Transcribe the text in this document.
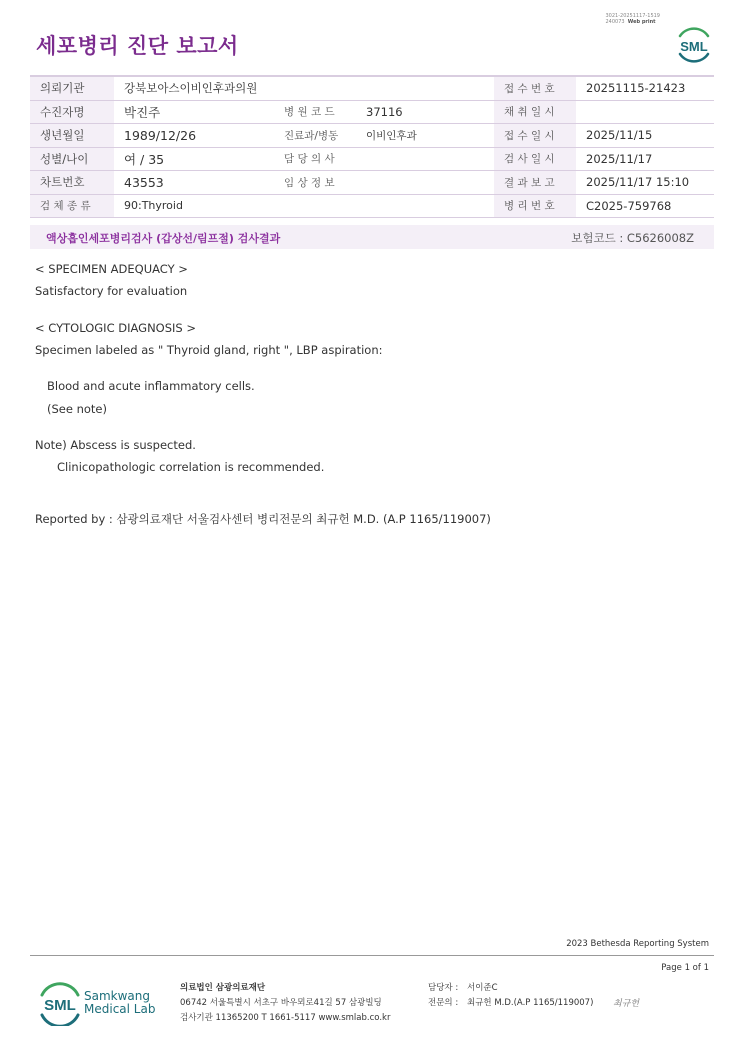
3021-20251117-1519
240073 Web print
세포병리 진단 보고서	SML
의뢰기관	강북보아스이비인후과의원			접 수 번 호	20251115-21423
수진자명	박진주	병 원 코 드	37116	채 취 일 시	
생년월일	1989/12/26	진료과/병동	이비인후과	접 수 일 시	2025/11/15
성별/나이	여 / 35	담 당 의 사		검 사 일 시	2025/11/17
차트번호	43553	임 상 정 보		결 과 보 고	2025/11/17 15:10
검 체 종 류	90:Thyroid			병 리 번 호	C2025-759768
액상흡인세포병리검사 (갑상선/림프절) 검사결과	보험코드 : C5626008Z
< SPECIMEN ADEQUACY >
Satisfactory for evaluation
< CYTOLOGIC DIAGNOSIS >
Specimen labeled as " Thyroid gland, right ", LBP aspiration:
Blood and acute inflammatory cells.
(See note)
Note) Abscess is suspected.
Clinicopathologic correlation is recommended.
Reported by : 삼광의료재단 서울검사센터 병리전문의 최규헌 M.D. (A.P 1165/119007)
2023 Bethesda Reporting System
Page 1 of 1
SML
Samkwang
Medical Lab
의료법인 삼광의료재단
06742 서울특별시 서초구 바우뫼로41길 57 삼광빌딩
검사기관 11365200 T 1661-5117 www.smlab.co.kr
담당자 : 서이준C
전문의 : 최규헌 M.D.(A.P 1165/119007) 최규헌
